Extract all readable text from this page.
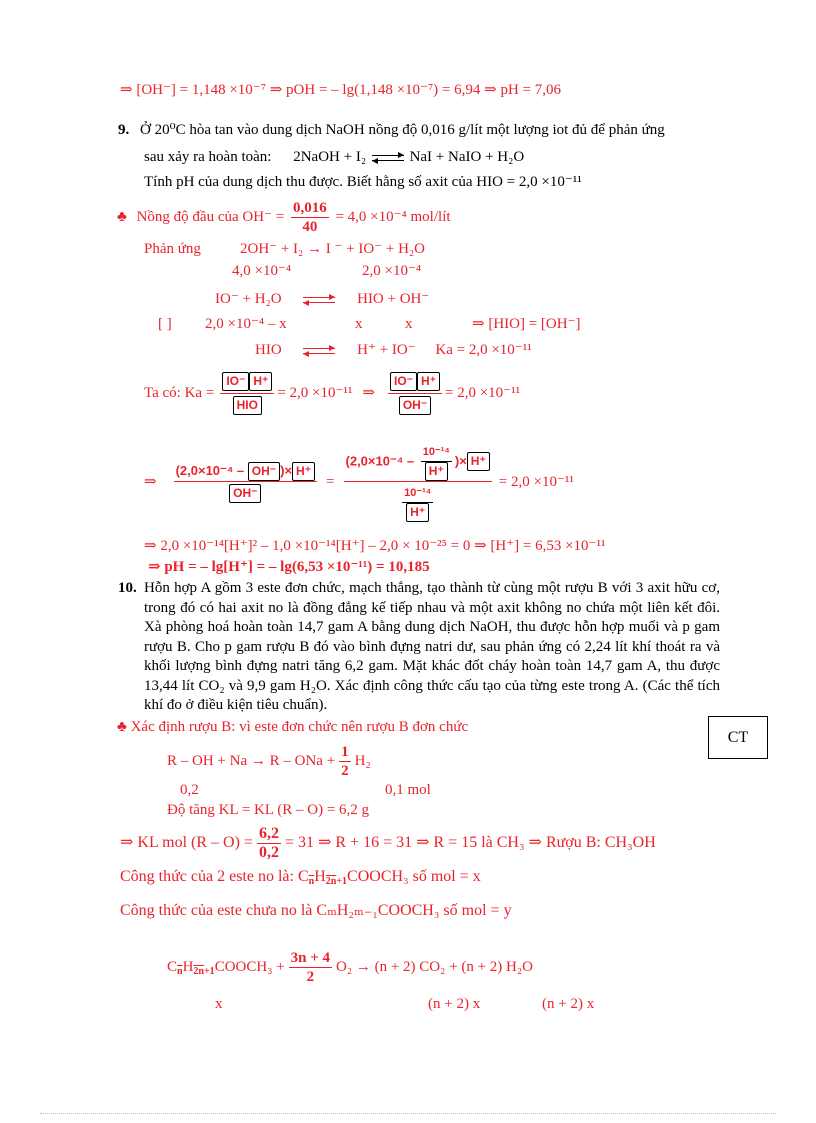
⇒ [OH⁻] = 1,148 ×10⁻⁷ ⇒ pOH = – lg(1,148 ×10⁻⁷) = 6,94 ⇒ pH = 7,06
9. Ở 20⁰C hòa tan vào dung dịch NaOH nồng độ 0,016 g/lít một lượng iot đủ để phản ứng
sau xảy ra hoàn toàn: 2NaOH + I₂	NaI + NaIO + H₂O
Tính pH của dung dịch thu được. Biết hằng số axit của HIO = 2,0 ×10⁻¹¹
♣ Nồng độ đầu của $OH^- = \frac{0,016}{40} = 4,0 \times 10^{-4}$ mol/lít
Phản ứng	2OH⁻ + I₂ → I ⁻ + IO⁻ + H₂O
4,0 ×10⁻⁴	2,0 ×10⁻⁴
IO⁻ + H₂O	HIO + OH⁻
[ ] 2,0 ×10⁻⁴ – x	x	x	⇒ [HIO] = [OH⁻]
HIO	H⁺ + IO⁻ Ka = 2,0 ×10⁻¹¹
Ta có: $Ka = \frac{IO^- H^+}{\text{HIO}} = 2,0 \times 10^{-11}$ ⇒ $\frac{IO^- H^+}{OH^-} = 2,0 \times 10^{-11}$
⇒ $\frac{\text{(2,0×10⁻⁴ – OH⁻ )× H⁺}}{OH^-} = \frac{(2,0\times 10^{-4} - \frac{\text{10⁻¹⁴}}{H^+} )\times H^+}{\frac{\text{10⁻¹⁴}}{H^+}} = 2,0 \times 10^{-11}$
⇒ 2,0 ×10⁻¹⁴[H⁺]² – 1,0 ×10⁻¹⁴[H⁺] – 2,0 × 10⁻²⁵ = 0 ⇒ [H⁺] = 6,53 ×10⁻¹¹
⇒ pH = – lg[H⁺] = – lg(6,53 ×10⁻¹¹) = 10,185
10. Hỗn hợp A gồm 3 este đơn chức, mạch thẳng, tạo thành từ cùng một rượu B với 3 axit hữu cơ, trong đó có hai axit no là đồng đẳng kế tiếp nhau và một axit không no chứa một liên kết đôi. Xà phòng hoá hoàn toàn 14,7 gam A bằng dung dịch NaOH, thu được hỗn hợp muối và p gam rượu B. Cho p gam rượu B đó vào bình đựng natri dư, sau phản ứng có 2,24 lít khí thoát ra và khối lượng bình đựng natri tăng 6,2 gam. Mặt khác đốt cháy hoàn toàn 14,7 gam A, thu được 13,44 lít CO₂ và 9,9 gam H₂O. Xác định công thức cấu tạo của từng este trong A. (Các thể tích khí đo ở điều kiện tiêu chuẩn).
CT
♣ Xác định rượu B: vì este đơn chức nên rượu B đơn chức
R – OH + Na → R – ONa + $\frac{1}{2} H_2$
0,2	0,1 mol
Độ tăng KL = KL (R – O) = 6,2 g
⇒ KL mol $(R - O) = \frac{6,2}{0,2} = 31$ ⇒ R + 16 = 31 ⇒ R = 15 là CH₃ ⇒ Rượu B: CH₃OH
Công thức của 2 este no là: $C_{\overline{n}}H_{2n+1}COOCH_3$ số mol = x
Công thức của este chưa no là CₘH₂ₘ₋₁COOCH₃ số mol = y
$C_{\overline{n}}H_{2n+1}$ COOCH₃ + $\frac{3n + 4}{2} O_2 \to (n + 2) CO_2 + (n + 2)$ H₂O
x	(n + 2) x	(n + 2) x
